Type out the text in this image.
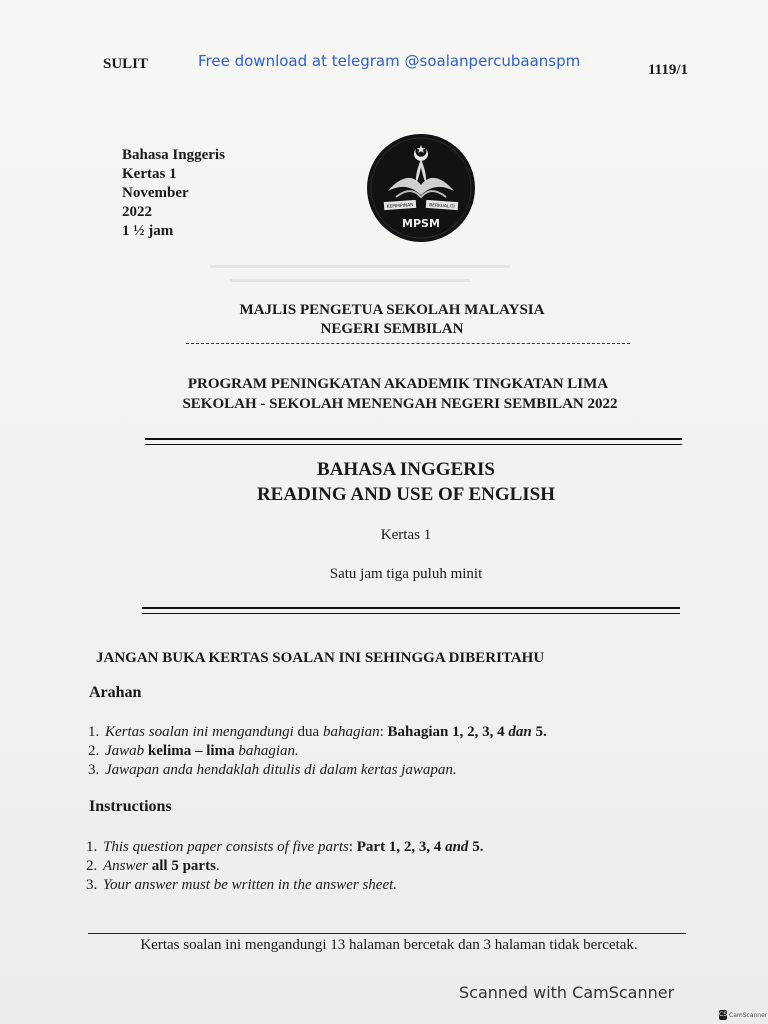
SULIT	Free download at telegram @soalanpercubaanspm	1119/1
Bahasa Inggeris
Kertas 1
November
2022
1 ½ jam
KEPIMPINAN	BERKUALITI
MPSM
MAJLIS PENGETUA SEKOLAH MALAYSIA
NEGERI SEMBILAN
PROGRAM PENINGKATAN AKADEMIK TINGKATAN LIMA
SEKOLAH - SEKOLAH MENENGAH NEGERI SEMBILAN 2022
BAHASA INGGERIS
READING AND USE OF ENGLISH
Kertas 1
Satu jam tiga puluh minit
JANGAN BUKA KERTAS SOALAN INI SEHINGGA DIBERITAHU
Arahan
1. Kertas soalan ini mengandungi dua bahagian: Bahagian 1, 2, 3, 4 dan 5.
2. Jawab kelima – lima bahagian.
3. Jawapan anda hendaklah ditulis di dalam kertas jawapan.
Instructions
1. This question paper consists of five parts: Part 1, 2, 3, 4 and 5.
2. Answer all 5 parts.
3. Your answer must be written in the answer sheet.
Kertas soalan ini mengandungi 13 halaman bercetak dan 3 halaman tidak bercetak.
Scanned with CamScanner
CS CamScanner
